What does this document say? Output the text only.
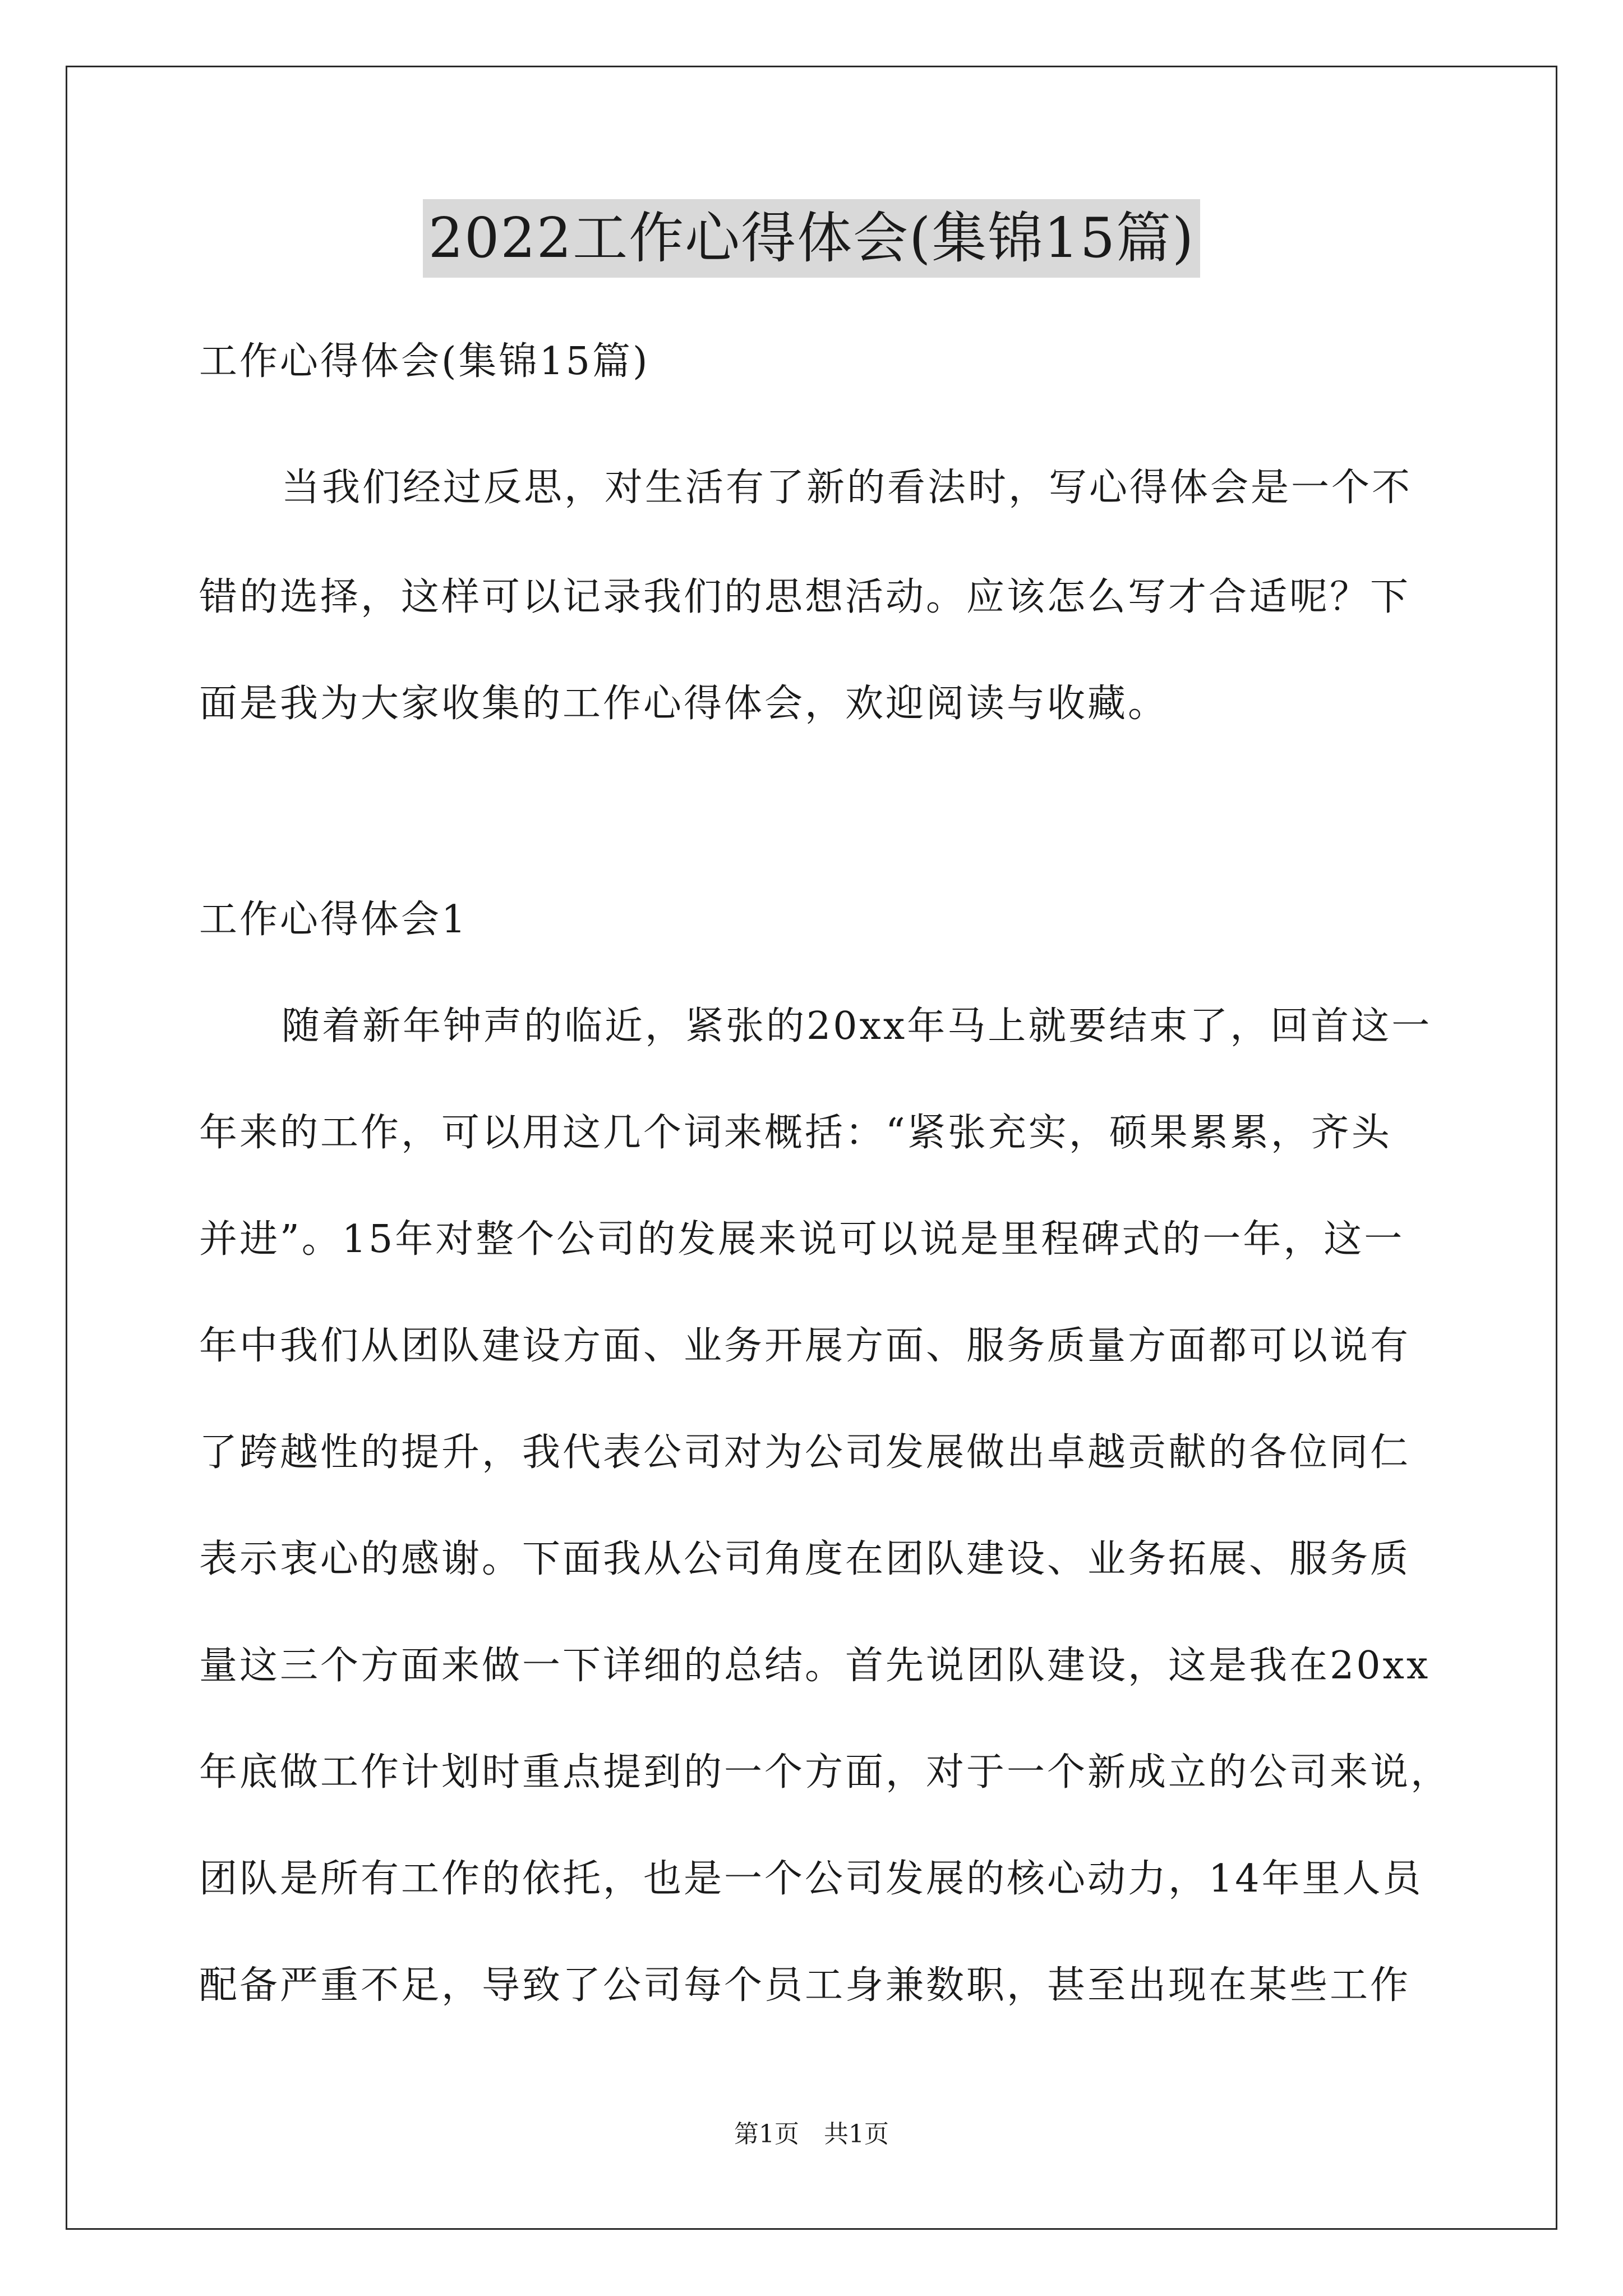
2022工作心得体会(集锦15篇)
工作心得体会(集锦15篇)
当我们经过反思，对生活有了新的看法时，写心得体会是一个不
错的选择，这样可以记录我们的思想活动。应该怎么写才合适呢？下
面是我为大家收集的工作心得体会，欢迎阅读与收藏。
工作心得体会1
随着新年钟声的临近，紧张的20xx年马上就要结束了，回首这一
年来的工作，可以用这几个词来概括：“紧张充实，硕果累累，齐头
并进”。15年对整个公司的发展来说可以说是里程碑式的一年，这一
年中我们从团队建设方面、业务开展方面、服务质量方面都可以说有
了跨越性的提升，我代表公司对为公司发展做出卓越贡献的各位同仁
表示衷心的感谢。下面我从公司角度在团队建设、业务拓展、服务质
量这三个方面来做一下详细的总结。首先说团队建设，这是我在20xx
年底做工作计划时重点提到的一个方面，对于一个新成立的公司来说，
团队是所有工作的依托，也是一个公司发展的核心动力，14年里人员
配备严重不足，导致了公司每个员工身兼数职，甚至出现在某些工作
第1页　共1页
